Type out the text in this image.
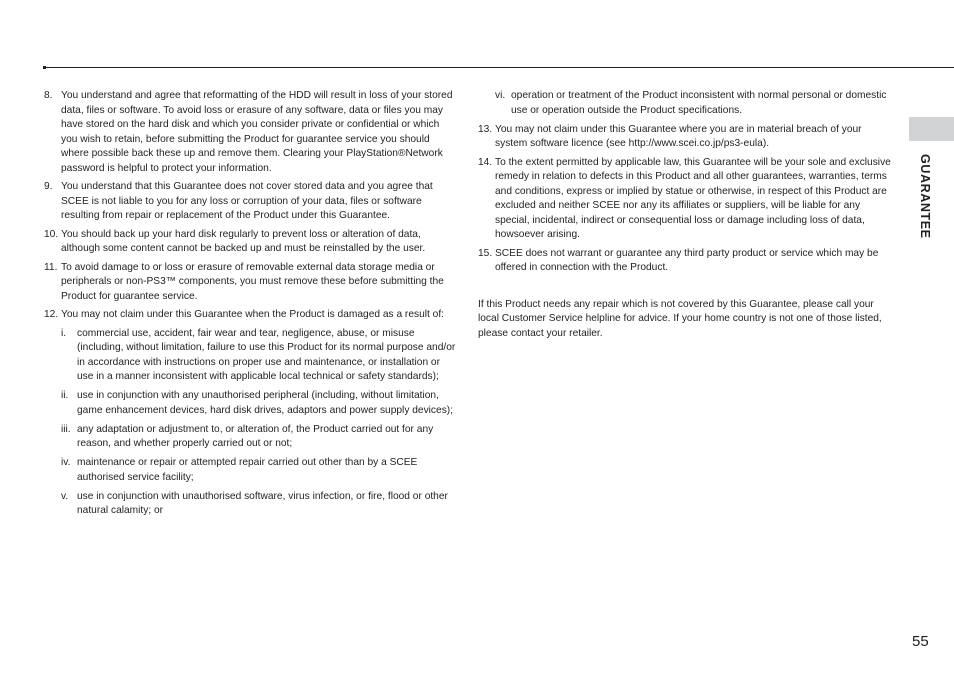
8. You understand and agree that reformatting of the HDD will result in loss of your stored data, files or software. To avoid loss or erasure of any software, data or files you may have stored on the hard disk and which you consider private or confidential or which you wish to retain, before submitting the Product for guarantee service you should where possible back these up and remove them. Clearing your PlayStation®Network password is helpful to protect your information.
9. You understand that this Guarantee does not cover stored data and you agree that SCEE is not liable to you for any loss or corruption of your data, files or software resulting from repair or replacement of the Product under this Guarantee.
10. You should back up your hard disk regularly to prevent loss or alteration of data, although some content cannot be backed up and must be reinstalled by the user.
11. To avoid damage to or loss or erasure of removable external data storage media or peripherals or non-PS3™ components, you must remove these before submitting the Product for guarantee service.
12. You may not claim under this Guarantee when the Product is damaged as a result of:
i.	commercial use, accident, fair wear and tear, negligence, abuse, or misuse (including, without limitation, failure to use this Product for its normal purpose and/or in accordance with instructions on proper use and maintenance, or installation or use in a manner inconsistent with applicable local technical or safety standards);
ii. use in conjunction with any unauthorised peripheral (including, without limitation, game enhancement devices, hard disk drives, adaptors and power supply devices);
iii. any adaptation or adjustment to, or alteration of, the Product carried out for any reason, and whether properly carried out or not;
iv. maintenance or repair or attempted repair carried out other than by a SCEE authorised service facility;
v. use in conjunction with unauthorised software, virus infection, or fire, flood or other natural calamity; or
vi. operation or treatment of the Product inconsistent with normal personal or domestic use or operation outside the Product specifications.
13. You may not claim under this Guarantee where you are in material breach of your system software licence (see http://www.scei.co.jp/ps3-eula).
14. To the extent permitted by applicable law, this Guarantee will be your sole and exclusive remedy in relation to defects in this Product and all other guarantees, warranties, terms and conditions, express or implied by statue or otherwise, in respect of this Product are excluded and neither SCEE nor any its affiliates or suppliers, will be liable for any special, incidental, indirect or consequential loss or damage including loss of data, howsoever arising.
15. SCEE does not warrant or guarantee any third party product or service which may be offered in connection with the Product.
If this Product needs any repair which is not covered by this Guarantee, please call your local Customer Service helpline for advice. If your home country is not one of those listed, please contact your retailer.
GUARANTEE
55
